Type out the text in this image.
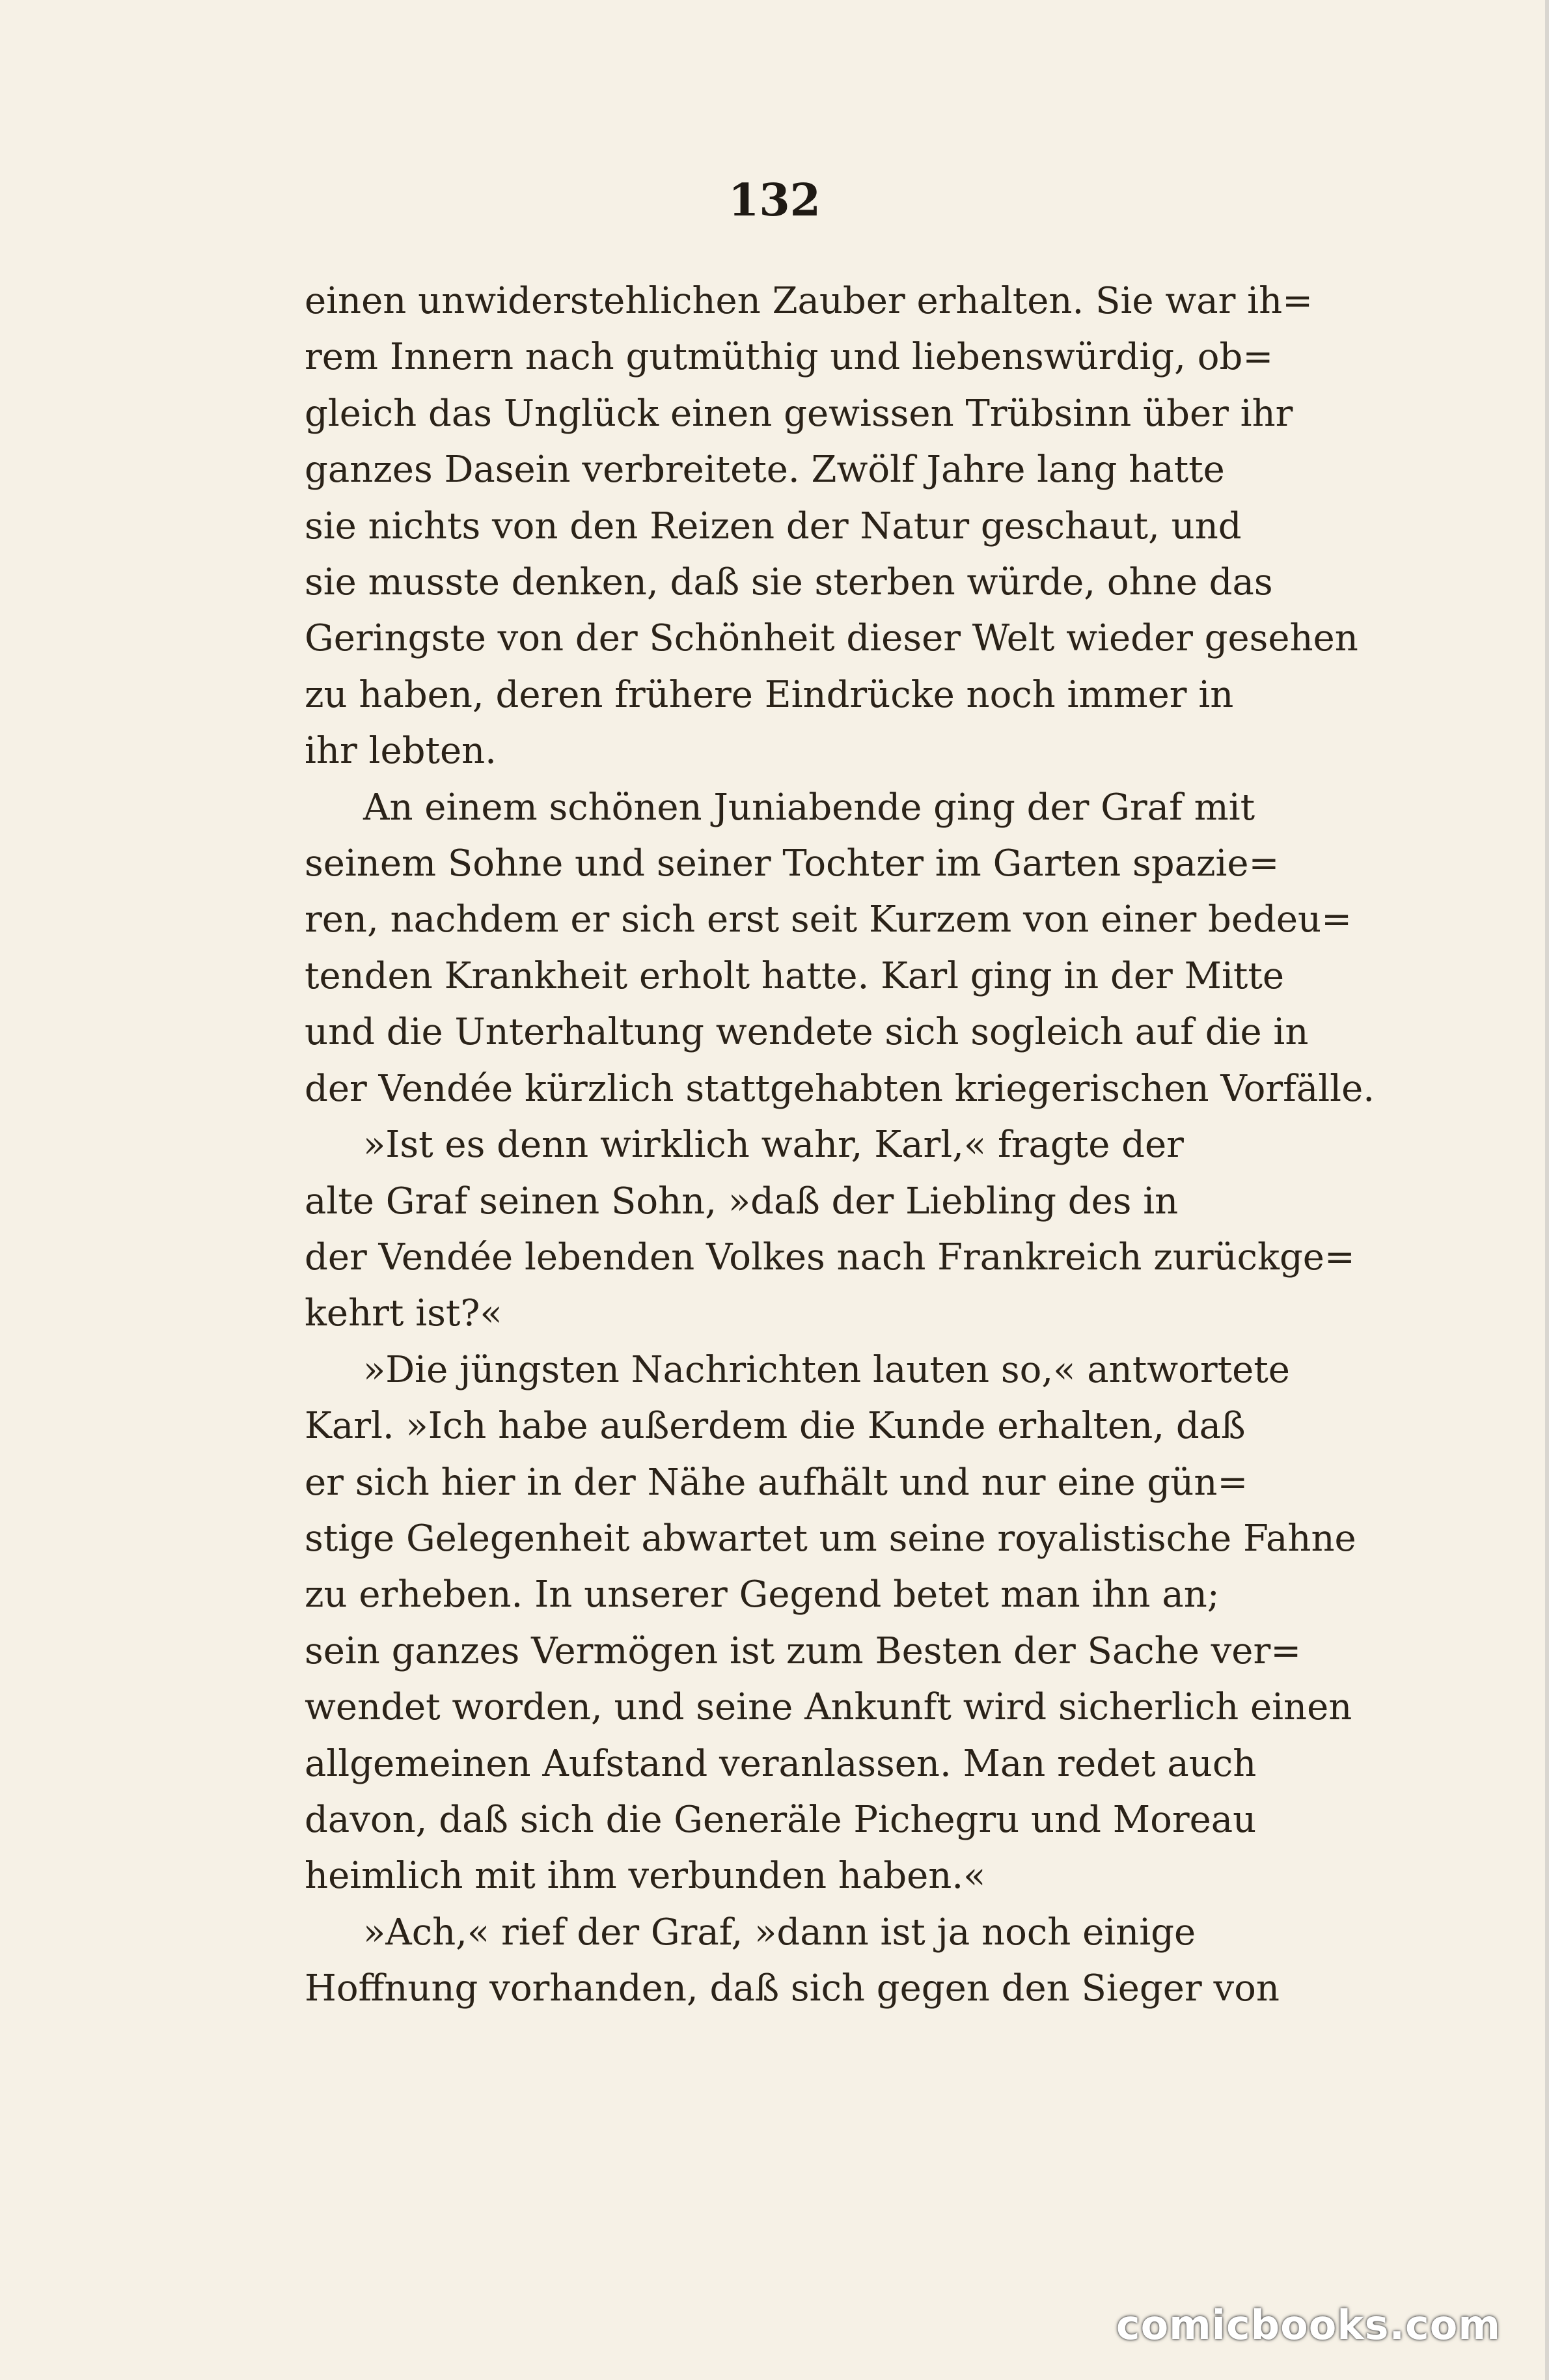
132

einen unwiderstehlichen Zauber erhalten. Sie war ih=

rem Innern nach gutmüthig und liebenswürdig, ob=

gleich das Unglück einen gewissen Trübsinn über ihr

ganzes Dasein verbreitete. Zwölf Jahre lang hatte

sie nichts von den Reizen der Natur geschaut, und

sie musste denken, daß sie sterben würde, ohne das

Geringste von der Schönheit dieser Welt wieder gesehen

zu haben, deren frühere Eindrücke noch immer in

ihr lebten.

An einem schönen Juniabende ging der Graf mit

seinem Sohne und seiner Tochter im Garten spazie=

ren, nachdem er sich erst seit Kurzem von einer bedeu=

tenden Krankheit erholt hatte. Karl ging in der Mitte

und die Unterhaltung wendete sich sogleich auf die in

der Vendée kürzlich stattgehabten kriegerischen Vorfälle.

»Ist es denn wirklich wahr, Karl,« fragte der

alte Graf seinen Sohn, »daß der Liebling des in

der Vendée lebenden Volkes nach Frankreich zurückge=

kehrt ist?«

»Die jüngsten Nachrichten lauten so,« antwortete

Karl. »Ich habe außerdem die Kunde erhalten, daß

er sich hier in der Nähe aufhält und nur eine gün=

stige Gelegenheit abwartet um seine royalistische Fahne

zu erheben. In unserer Gegend betet man ihn an;

sein ganzes Vermögen ist zum Besten der Sache ver=

wendet worden, und seine Ankunft wird sicherlich einen

allgemeinen Aufstand veranlassen. Man redet auch

davon, daß sich die Generäle Pichegru und Moreau

heimlich mit ihm verbunden haben.«

»Ach,« rief der Graf, »dann ist ja noch einige

Hoffnung vorhanden, daß sich gegen den Sieger von

comicbooks.com
